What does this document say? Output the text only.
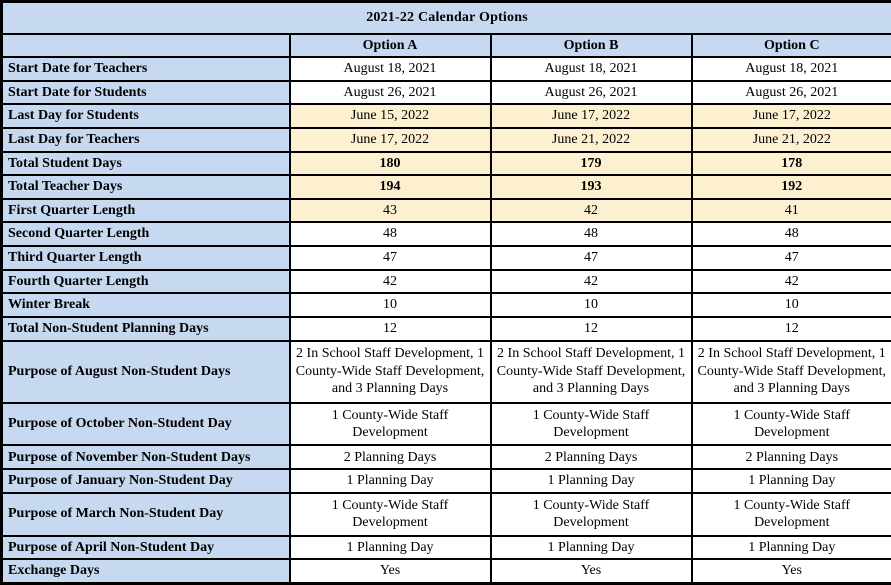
2021-22 Calendar Options			
	Option A	Option B	Option C
Start Date for Teachers	August 18, 2021	August 18, 2021	August 18, 2021
Start Date for Students	August 26, 2021	August 26, 2021	August 26, 2021
Last Day for Students	June 15, 2022	June 17, 2022	June 17, 2022
Last Day for Teachers	June 17, 2022	June 21, 2022	June 21, 2022
Total Student Days	180	179	178
Total Teacher Days	194	193	192
First Quarter Length	43	42	41
Second Quarter Length	48	48	48
Third Quarter Length	47	47	47
Fourth Quarter Length	42	42	42
Winter Break	10	10	10
Total Non-Student Planning Days	12	12	12
Purpose of August Non-Student Days	2 In School Staff Development, 1 County-Wide Staff Development, and 3 Planning Days	2 In School Staff Development, 1 County-Wide Staff Development, and 3 Planning Days	2 In School Staff Development, 1 County-Wide Staff Development, and 3 Planning Days
Purpose of October Non-Student Day	1 County-Wide Staff Development	1 County-Wide Staff Development	1 County-Wide Staff Development
Purpose of November Non-Student Days	2 Planning Days	2 Planning Days	2 Planning Days
Purpose of January Non-Student Day	1 Planning Day	1 Planning Day	1 Planning Day
Purpose of March Non-Student Day	1 County-Wide Staff Development	1 County-Wide Staff Development	1 County-Wide Staff Development
Purpose of April Non-Student Day	1 Planning Day	1 Planning Day	1 Planning Day
Exchange Days	Yes	Yes	Yes
